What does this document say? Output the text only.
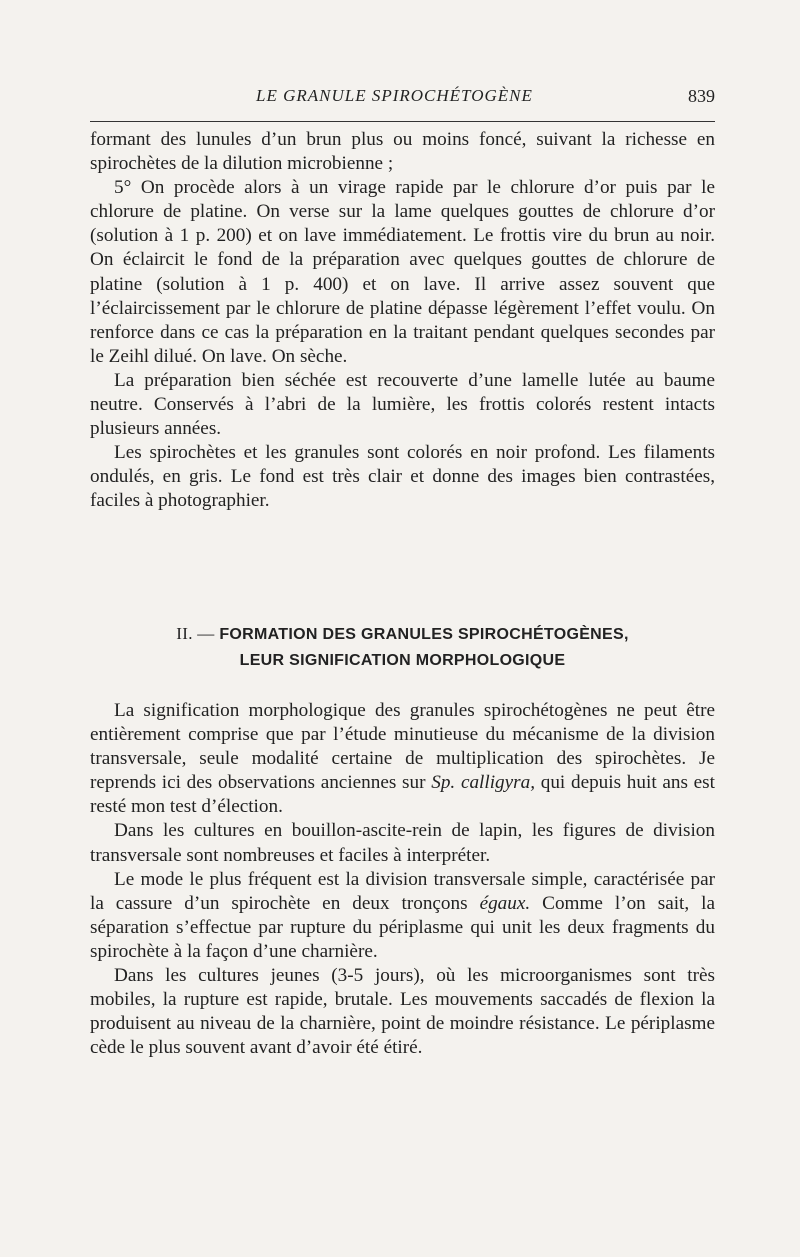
LE GRANULE SPIROCHÉTOGÈNE	839

formant des lunules d’un brun plus ou moins foncé, suivant la richesse en spirochètes de la dilution microbienne ;

5° On procède alors à un virage rapide par le chlorure d’or puis par le chlorure de platine. On verse sur la lame quelques gouttes de chlorure d’or (solution à 1 p. 200) et on lave immédiatement. Le frottis vire du brun au noir. On éclaircit le fond de la préparation avec quelques gouttes de chlorure de platine (solution à 1 p. 400) et on lave. Il arrive assez souvent que l’éclaircissement par le chlorure de platine dépasse légèrement l’effet voulu. On renforce dans ce cas la préparation en la traitant pendant quelques secondes par le Zeihl dilué. On lave. On sèche.

La préparation bien séchée est recouverte d’une lamelle lutée au baume neutre. Conservés à l’abri de la lumière, les frottis colorés restent intacts plusieurs années.

Les spirochètes et les granules sont colorés en noir profond. Les filaments ondulés, en gris. Le fond est très clair et donne des images bien contrastées, faciles à photographier.

II. — FORMATION DES GRANULES SPIROCHÉTOGÈNES,
LEUR SIGNIFICATION MORPHOLOGIQUE

La signification morphologique des granules spirochétogènes ne peut être entièrement comprise que par l’étude minutieuse du mécanisme de la division transversale, seule modalité certaine de multiplication des spirochètes. Je reprends ici des observations anciennes sur Sp. calligyra, qui depuis huit ans est resté mon test d’élection.

Dans les cultures en bouillon-ascite-rein de lapin, les figures de division transversale sont nombreuses et faciles à interpréter.

Le mode le plus fréquent est la division transversale simple, caractérisée par la cassure d’un spirochète en deux tronçons égaux. Comme l’on sait, la séparation s’effectue par rupture du périplasme qui unit les deux fragments du spirochète à la façon d’une charnière.

Dans les cultures jeunes (3-5 jours), où les microorganismes sont très mobiles, la rupture est rapide, brutale. Les mouvements saccadés de flexion la produisent au niveau de la charnière, point de moindre résistance. Le périplasme cède le plus souvent avant d’avoir été étiré.
